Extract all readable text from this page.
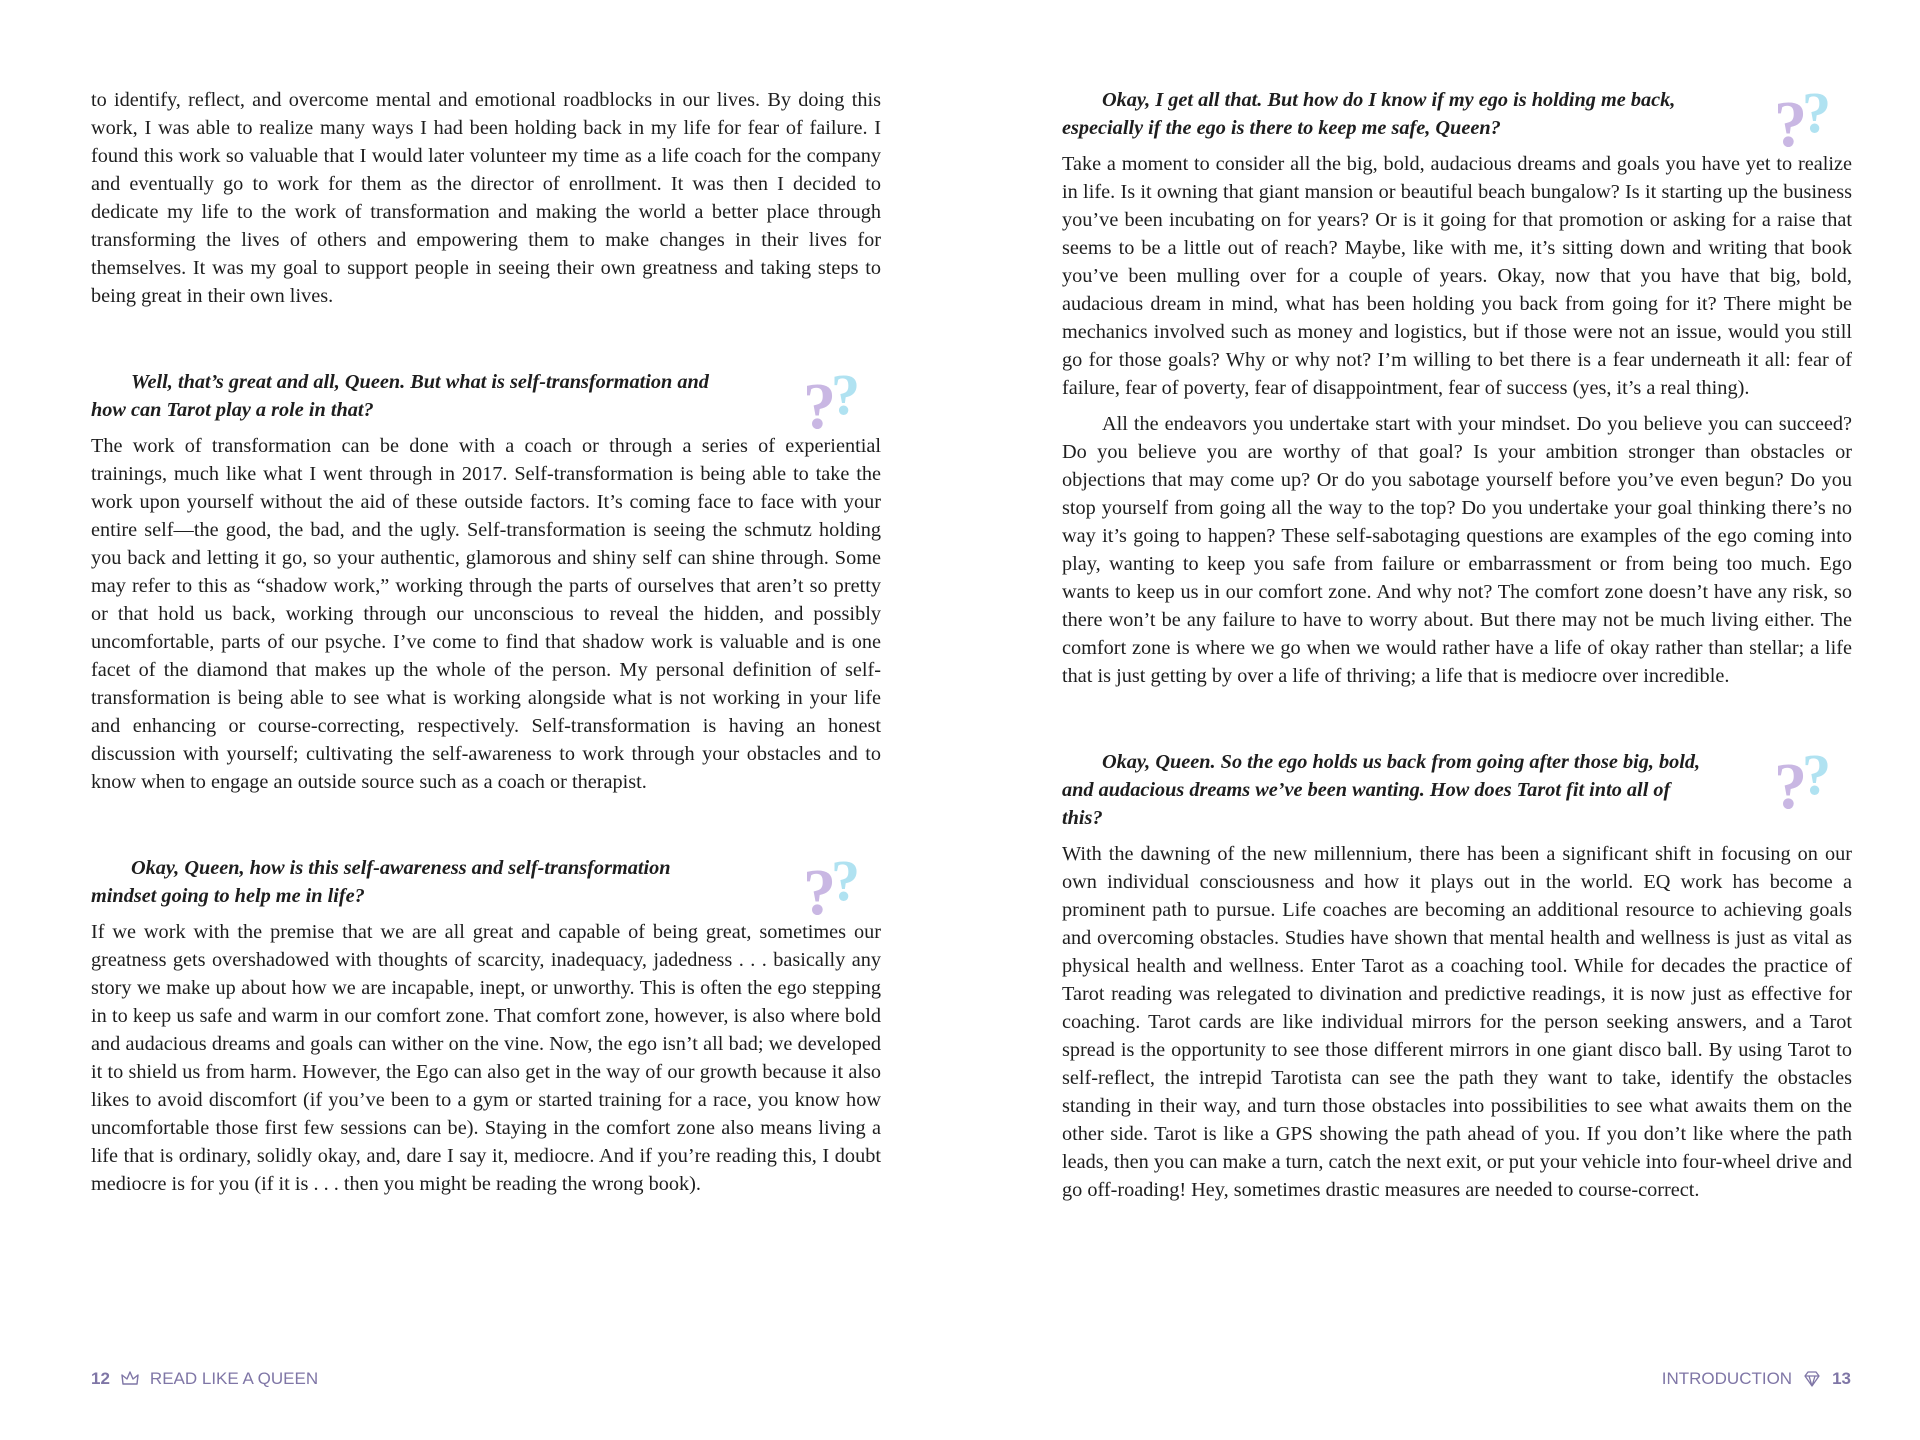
to identify, reflect, and overcome mental and emotional roadblocks in our lives. By doing this work, I was able to realize many ways I had been holding back in my life for fear of failure. I found this work so valuable that I would later volunteer my time as a life coach for the company and eventually go to work for them as the director of enrollment. It was then I decided to dedicate my life to the work of transformation and making the world a better place through transforming the lives of others and empowering them to make changes in their lives for themselves. It was my goal to support people in seeing their own greatness and taking steps to being great in their own lives.

Well, that’s great and all, Queen. But what is self-transformation and how can Tarot play a role in that?

The work of transformation can be done with a coach or through a series of experiential trainings, much like what I went through in 2017. Self-transformation is being able to take the work upon yourself without the aid of these outside factors. It’s coming face to face with your entire self—the good, the bad, and the ugly. Self-transformation is seeing the schmutz holding you back and letting it go, so your authentic, glamorous and shiny self can shine through. Some may refer to this as “shadow work,” working through the parts of ourselves that aren’t so pretty or that hold us back, working through our unconscious to reveal the hidden, and possibly uncomfortable, parts of our psyche. I’ve come to find that shadow work is valuable and is one facet of the diamond that makes up the whole of the person. My personal definition of self-transformation is being able to see what is working alongside what is not working in your life and enhancing or course-correcting, respectively. Self-transformation is having an honest discussion with yourself; cultivating the self-awareness to work through your obstacles and to know when to engage an outside source such as a coach or therapist.

Okay, Queen, how is this self-awareness and self-transformation mindset going to help me in life?

If we work with the premise that we are all great and capable of being great, sometimes our greatness gets overshadowed with thoughts of scarcity, inadequacy, jadedness . . . basically any story we make up about how we are incapable, inept, or unworthy. This is often the ego stepping in to keep us safe and warm in our comfort zone. That comfort zone, however, is also where bold and audacious dreams and goals can wither on the vine. Now, the ego isn’t all bad; we developed it to shield us from harm. However, the Ego can also get in the way of our growth because it also likes to avoid discomfort (if you’ve been to a gym or started training for a race, you know how uncomfortable those first few sessions can be). Staying in the comfort zone also means living a life that is ordinary, solidly okay, and, dare I say it, mediocre. And if you’re reading this, I doubt mediocre is for you (if it is . . . then you might be reading the wrong book).

Okay, I get all that. But how do I know if my ego is holding me back, especially if the ego is there to keep me safe, Queen?

Take a moment to consider all the big, bold, audacious dreams and goals you have yet to realize in life. Is it owning that giant mansion or beautiful beach bungalow? Is it starting up the business you’ve been incubating on for years? Or is it going for that promotion or asking for a raise that seems to be a little out of reach? Maybe, like with me, it’s sitting down and writing that book you’ve been mulling over for a couple of years. Okay, now that you have that big, bold, audacious dream in mind, what has been holding you back from going for it? There might be mechanics involved such as money and logistics, but if those were not an issue, would you still go for those goals? Why or why not? I’m willing to bet there is a fear underneath it all: fear of failure, fear of poverty, fear of disappointment, fear of success (yes, it’s a real thing).

All the endeavors you undertake start with your mindset. Do you believe you can succeed? Do you believe you are worthy of that goal? Is your ambition stronger than obstacles or objections that may come up? Or do you sabotage yourself before you’ve even begun? Do you stop yourself from going all the way to the top? Do you undertake your goal thinking there’s no way it’s going to happen? These self-sabotaging questions are examples of the ego coming into play, wanting to keep you safe from failure or embarrassment or from being too much. Ego wants to keep us in our comfort zone. And why not? The comfort zone doesn’t have any risk, so there won’t be any failure to have to worry about. But there may not be much living either. The comfort zone is where we go when we would rather have a life of okay rather than stellar; a life that is just getting by over a life of thriving; a life that is mediocre over incredible.

Okay, Queen. So the ego holds us back from going after those big, bold, and audacious dreams we’ve been wanting. How does Tarot fit into all of this?

With the dawning of the new millennium, there has been a significant shift in focusing on our own individual consciousness and how it plays out in the world. EQ work has become a prominent path to pursue. Life coaches are becoming an additional resource to achieving goals and overcoming obstacles. Studies have shown that mental health and wellness is just as vital as physical health and wellness. Enter Tarot as a coaching tool. While for decades the practice of Tarot reading was relegated to divination and predictive readings, it is now just as effective for coaching. Tarot cards are like individual mirrors for the person seeking answers, and a Tarot spread is the opportunity to see those different mirrors in one giant disco ball. By using Tarot to self-reflect, the intrepid Tarotista can see the path they want to take, identify the obstacles standing in their way, and turn those obstacles into possibilities to see what awaits them on the other side. Tarot is like a GPS showing the path ahead of you. If you don’t like where the path leads, then you can make a turn, catch the next exit, or put your vehicle into four-wheel drive and go off-roading! Hey, sometimes drastic measures are needed to course-correct.

12 READ LIKE A QUEEN	INTRODUCTION 13
